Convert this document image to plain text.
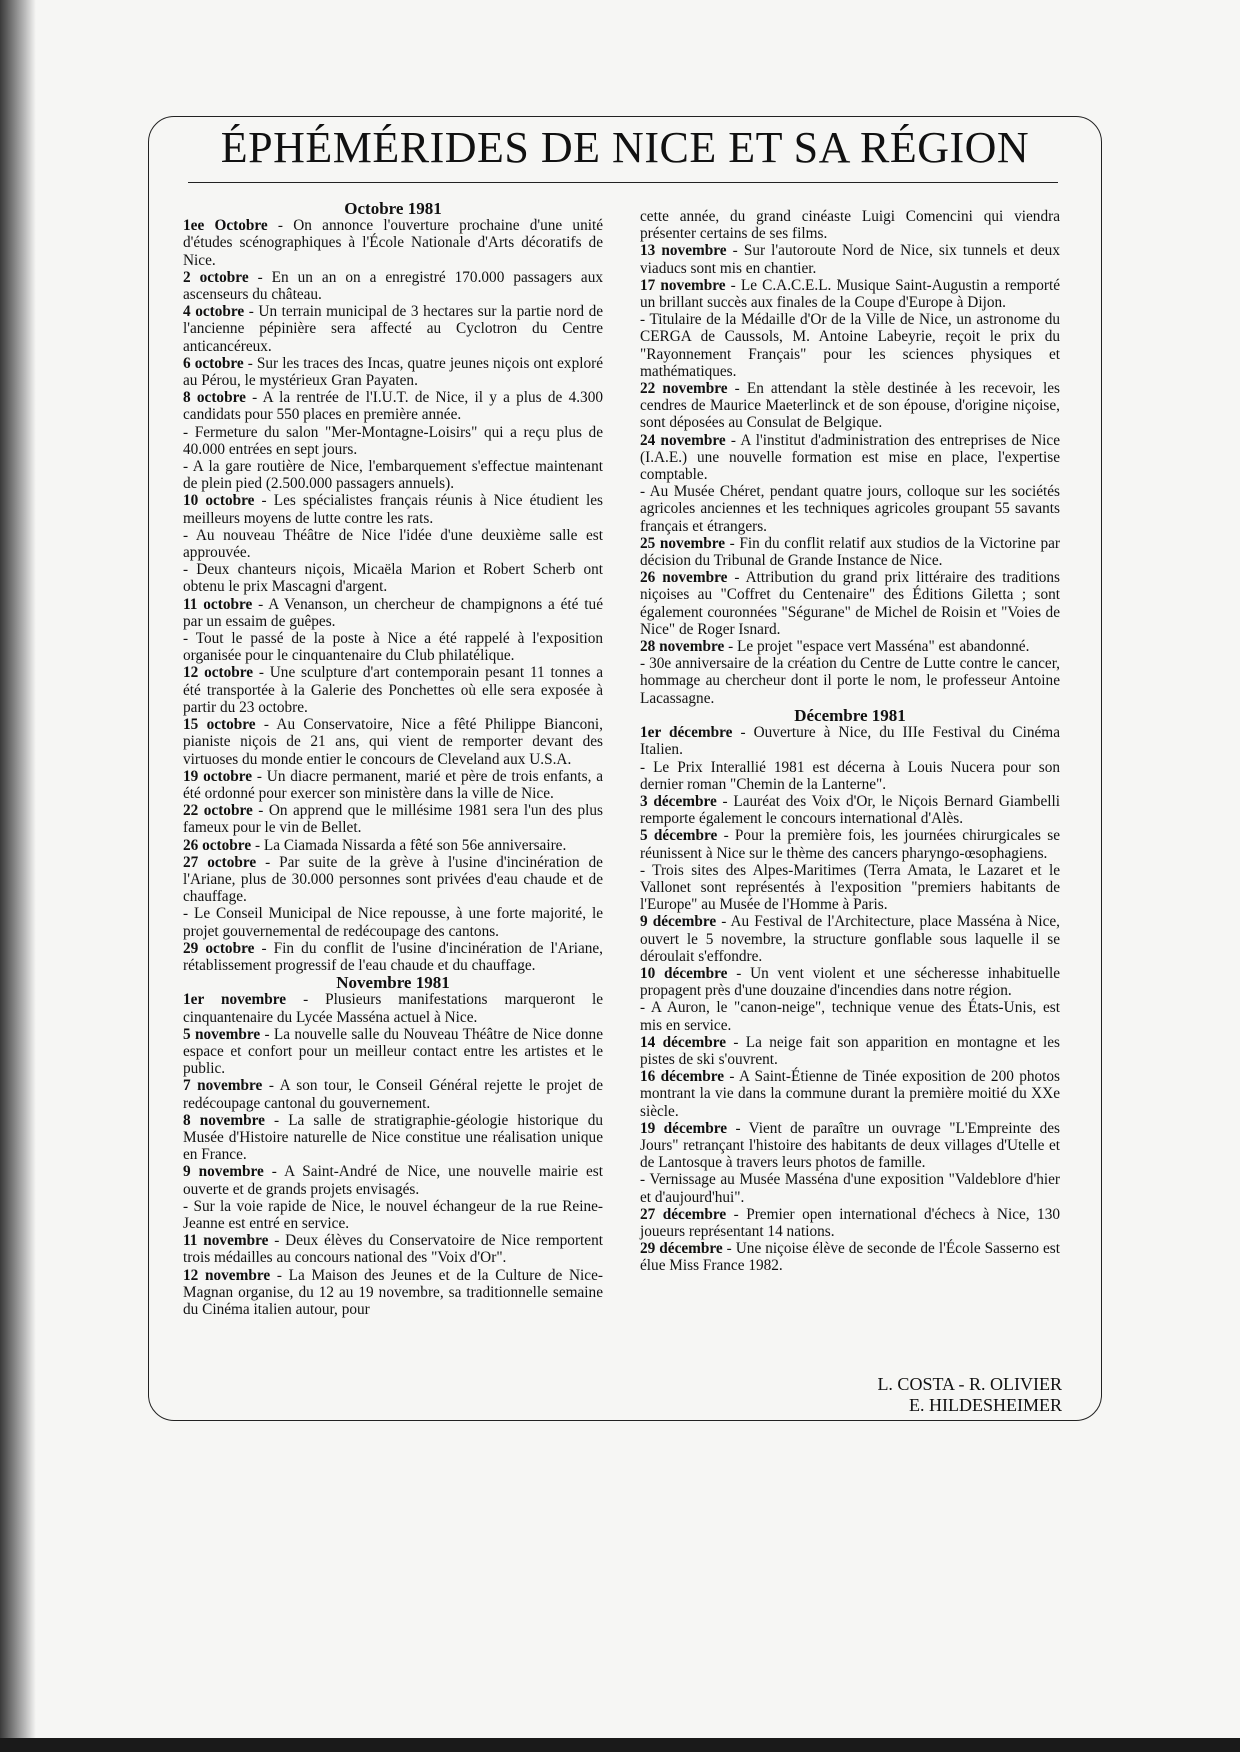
ÉPHÉMÉRIDES DE NICE ET SA RÉGION

Octobre 1981

1ee Octobre - On annonce l'ouverture prochaine d'une unité d'études scénographiques à l'École Nationale d'Arts décoratifs de Nice.

2 octobre - En un an on a enregistré 170.000 passagers aux ascenseurs du château.

4 octobre - Un terrain municipal de 3 hectares sur la partie nord de l'ancienne pépinière sera affecté au Cyclotron du Centre anticancéreux.

6 octobre - Sur les traces des Incas, quatre jeunes niçois ont exploré au Pérou, le mystérieux Gran Payaten.

8 octobre - A la rentrée de l'I.U.T. de Nice, il y a plus de 4.300 candidats pour 550 places en première année.

- Fermeture du salon "Mer-Montagne-Loisirs" qui a reçu plus de 40.000 entrées en sept jours.

- A la gare routière de Nice, l'embarquement s'effectue maintenant de plein pied (2.500.000 passagers annuels).

10 octobre - Les spécialistes français réunis à Nice étudient les meilleurs moyens de lutte contre les rats.

- Au nouveau Théâtre de Nice l'idée d'une deuxième salle est approuvée.

- Deux chanteurs niçois, Micaëla Marion et Robert Scherb ont obtenu le prix Mascagni d'argent.

11 octobre - A Venanson, un chercheur de champignons a été tué par un essaim de guêpes.

- Tout le passé de la poste à Nice a été rappelé à l'exposition organisée pour le cinquantenaire du Club philatélique.

12 octobre - Une sculpture d'art contemporain pesant 11 tonnes a été transportée à la Galerie des Ponchettes où elle sera exposée à partir du 23 octobre.

15 octobre - Au Conservatoire, Nice a fêté Philippe Bianconi, pianiste niçois de 21 ans, qui vient de remporter devant des virtuoses du monde entier le concours de Cleveland aux U.S.A.

19 octobre - Un diacre permanent, marié et père de trois enfants, a été ordonné pour exercer son ministère dans la ville de Nice.

22 octobre - On apprend que le millésime 1981 sera l'un des plus fameux pour le vin de Bellet.

26 octobre - La Ciamada Nissarda a fêté son 56e anniversaire.

27 octobre - Par suite de la grève à l'usine d'incinération de l'Ariane, plus de 30.000 personnes sont privées d'eau chaude et de chauffage.

- Le Conseil Municipal de Nice repousse, à une forte majorité, le projet gouvernemental de redécoupage des cantons.

29 octobre - Fin du conflit de l'usine d'incinération de l'Ariane, rétablissement progressif de l'eau chaude et du chauffage.

Novembre 1981

1er novembre - Plusieurs manifestations marqueront le cinquantenaire du Lycée Masséna actuel à Nice.

5 novembre - La nouvelle salle du Nouveau Théâtre de Nice donne espace et confort pour un meilleur contact entre les artistes et le public.

7 novembre - A son tour, le Conseil Général rejette le projet de redécoupage cantonal du gouvernement.

8 novembre - La salle de stratigraphie-géologie historique du Musée d'Histoire naturelle de Nice constitue une réalisation unique en France.

9 novembre - A Saint-André de Nice, une nouvelle mairie est ouverte et de grands projets envisagés.

- Sur la voie rapide de Nice, le nouvel échangeur de la rue Reine-Jeanne est entré en service.

11 novembre - Deux élèves du Conservatoire de Nice remportent trois médailles au concours national des "Voix d'Or".

12 novembre - La Maison des Jeunes et de la Culture de Nice-Magnan organise, du 12 au 19 novembre, sa traditionnelle semaine du Cinéma italien autour, pour

cette année, du grand cinéaste Luigi Comencini qui viendra présenter certains de ses films.

13 novembre - Sur l'autoroute Nord de Nice, six tunnels et deux viaducs sont mis en chantier.

17 novembre - Le C.A.C.E.L. Musique Saint-Augustin a remporté un brillant succès aux finales de la Coupe d'Europe à Dijon.

- Titulaire de la Médaille d'Or de la Ville de Nice, un astronome du CERGA de Caussols, M. Antoine Labeyrie, reçoit le prix du "Rayonnement Français" pour les sciences physiques et mathématiques.

22 novembre - En attendant la stèle destinée à les recevoir, les cendres de Maurice Maeterlinck et de son épouse, d'origine niçoise, sont déposées au Consulat de Belgique.

24 novembre - A l'institut d'administration des entreprises de Nice (I.A.E.) une nouvelle formation est mise en place, l'expertise comptable.

- Au Musée Chéret, pendant quatre jours, colloque sur les sociétés agricoles anciennes et les techniques agricoles groupant 55 savants français et étrangers.

25 novembre - Fin du conflit relatif aux studios de la Victorine par décision du Tribunal de Grande Instance de Nice.

26 novembre - Attribution du grand prix littéraire des traditions niçoises au "Coffret du Centenaire" des Éditions Giletta ; sont également couronnées "Ségurane" de Michel de Roisin et "Voies de Nice" de Roger Isnard.

28 novembre - Le projet "espace vert Masséna" est abandonné.

- 30e anniversaire de la création du Centre de Lutte contre le cancer, hommage au chercheur dont il porte le nom, le professeur Antoine Lacassagne.

Décembre 1981

1er décembre - Ouverture à Nice, du IIIe Festival du Cinéma Italien.

- Le Prix Interallié 1981 est décerna à Louis Nucera pour son dernier roman "Chemin de la Lanterne".

3 décembre - Lauréat des Voix d'Or, le Niçois Bernard Giambelli remporte également le concours international d'Alès.

5 décembre - Pour la première fois, les journées chirurgicales se réunissent à Nice sur le thème des cancers pharyngo-œsophagiens.

- Trois sites des Alpes-Maritimes (Terra Amata, le Lazaret et le Vallonet sont représentés à l'exposition "premiers habitants de l'Europe" au Musée de l'Homme à Paris.

9 décembre - Au Festival de l'Architecture, place Masséna à Nice, ouvert le 5 novembre, la structure gonflable sous laquelle il se déroulait s'effondre.

10 décembre - Un vent violent et une sécheresse inhabituelle propagent près d'une douzaine d'incendies dans notre région.

- A Auron, le "canon-neige", technique venue des États-Unis, est mis en service.

14 décembre - La neige fait son apparition en montagne et les pistes de ski s'ouvrent.

16 décembre - A Saint-Étienne de Tinée exposition de 200 photos montrant la vie dans la commune durant la première moitié du XXe siècle.

19 décembre - Vient de paraître un ouvrage "L'Empreinte des Jours" retrançant l'histoire des habitants de deux villages d'Utelle et de Lantosque à travers leurs photos de famille.

- Vernissage au Musée Masséna d'une exposition "Valdeblore d'hier et d'aujourd'hui".

27 décembre - Premier open international d'échecs à Nice, 130 joueurs représentant 14 nations.

29 décembre - Une niçoise élève de seconde de l'École Sasserno est élue Miss France 1982.

L. COSTA - R. OLIVIER
E. HILDESHEIMER
